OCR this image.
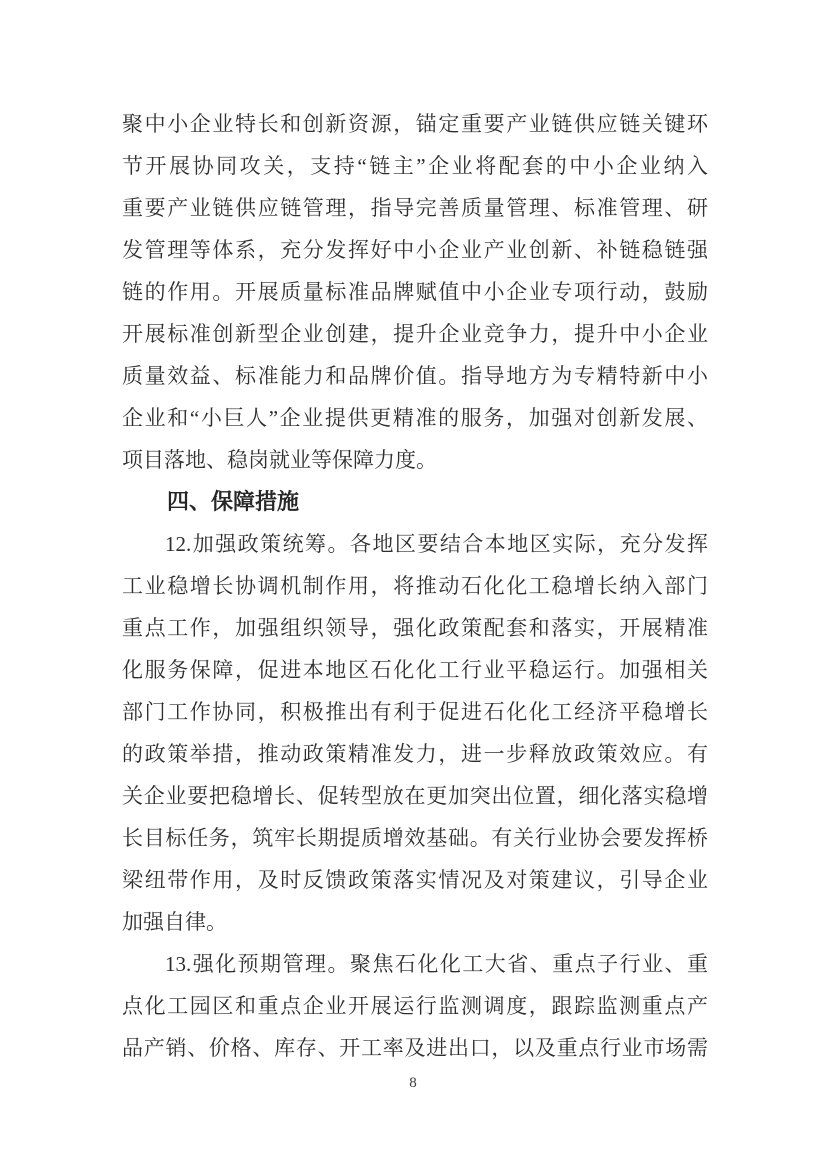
聚中小企业特长和创新资源，锚定重要产业链供应链关键环
节开展协同攻关，支持“链主”企业将配套的中小企业纳入
重要产业链供应链管理，指导完善质量管理、标准管理、研
发管理等体系，充分发挥好中小企业产业创新、补链稳链强
链的作用。开展质量标准品牌赋值中小企业专项行动，鼓励
开展标准创新型企业创建，提升企业竞争力，提升中小企业
质量效益、标准能力和品牌价值。指导地方为专精特新中小
企业和“小巨人”企业提供更精准的服务，加强对创新发展、
项目落地、稳岗就业等保障力度。
四、保障措施
12.加强政策统筹。各地区要结合本地区实际，充分发挥
工业稳增长协调机制作用，将推动石化化工稳增长纳入部门
重点工作，加强组织领导，强化政策配套和落实，开展精准
化服务保障，促进本地区石化化工行业平稳运行。加强相关
部门工作协同，积极推出有利于促进石化化工经济平稳增长
的政策举措，推动政策精准发力，进一步释放政策效应。有
关企业要把稳增长、促转型放在更加突出位置，细化落实稳增
长目标任务，筑牢长期提质增效基础。有关行业协会要发挥桥
梁纽带作用，及时反馈政策落实情况及对策建议，引导企业
加强自律。
13.强化预期管理。聚焦石化化工大省、重点子行业、重
点化工园区和重点企业开展运行监测调度，跟踪监测重点产
品产销、价格、库存、开工率及进出口，以及重点行业市场需
8
